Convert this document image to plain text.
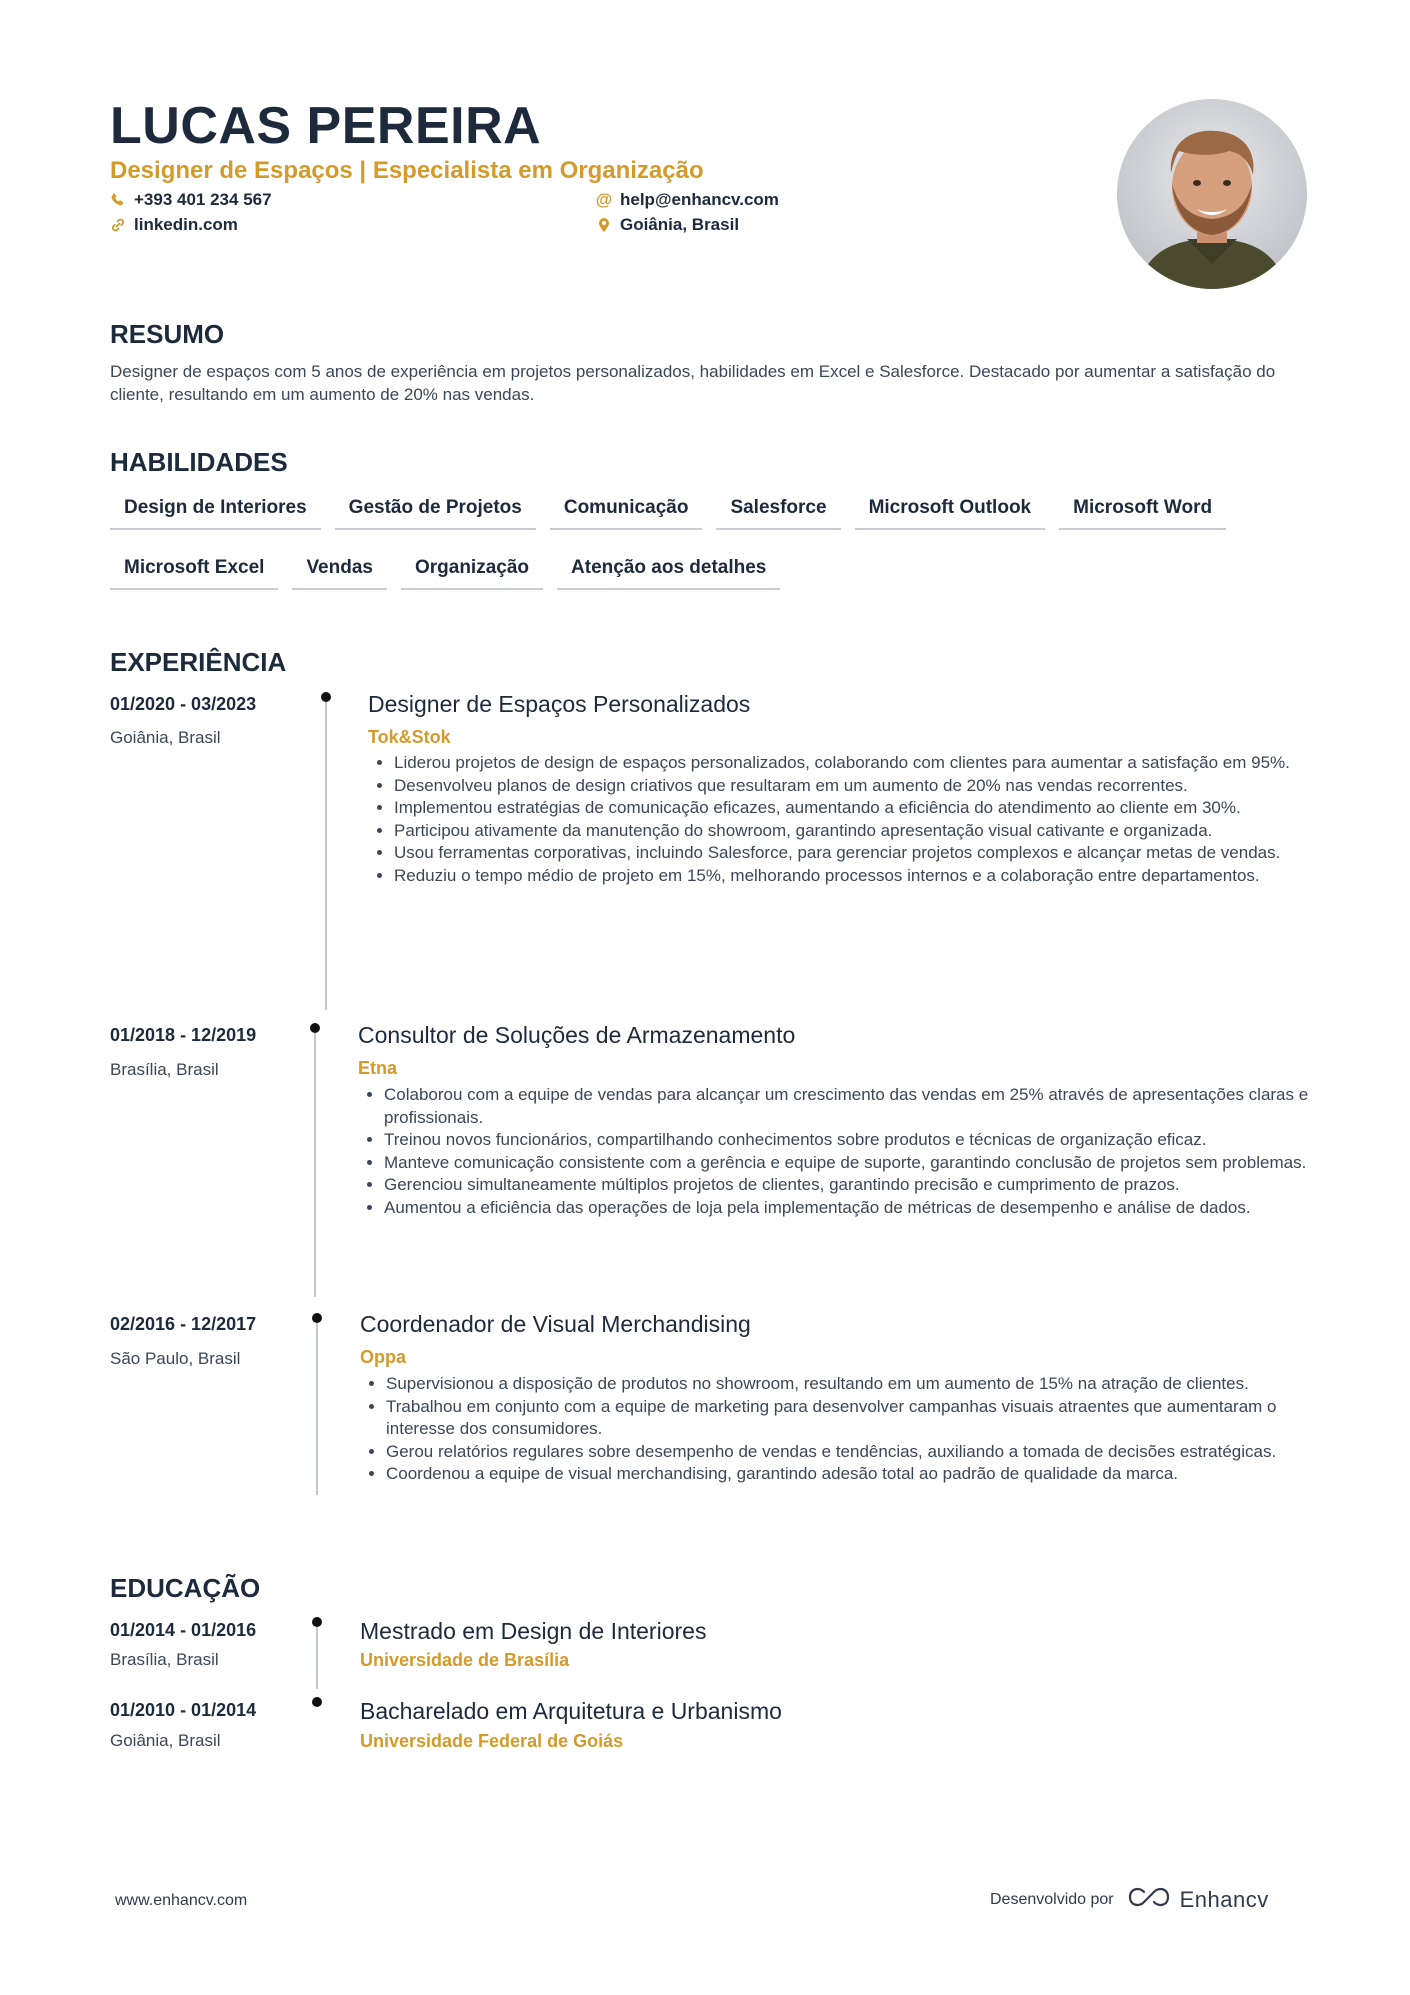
LUCAS PEREIRA
Designer de Espaços | Especialista em Organização
+393 401 234 567	@ help@enhancv.com
linkedin.com	Goiânia, Brasil
RESUMO
Designer de espaços com 5 anos de experiência em projetos personalizados, habilidades em Excel e Salesforce. Destacado por aumentar a satisfação do cliente, resultando em um aumento de 20% nas vendas.
HABILIDADES
Design de Interiores	Gestão de Projetos	Comunicação	Salesforce	Microsoft Outlook	Microsoft Word
Microsoft Excel	Vendas	Organização	Atenção aos detalhes
EXPERIÊNCIA
01/2020 - 03/2023
Goiânia, Brasil
Designer de Espaços Personalizados
Tok&Stok
• Liderou projetos de design de espaços personalizados, colaborando com clientes para aumentar a satisfação em 95%.
• Desenvolveu planos de design criativos que resultaram em um aumento de 20% nas vendas recorrentes.
• Implementou estratégias de comunicação eficazes, aumentando a eficiência do atendimento ao cliente em 30%.
• Participou ativamente da manutenção do showroom, garantindo apresentação visual cativante e organizada.
• Usou ferramentas corporativas, incluindo Salesforce, para gerenciar projetos complexos e alcançar metas de vendas.
• Reduziu o tempo médio de projeto em 15%, melhorando processos internos e a colaboração entre departamentos.
01/2018 - 12/2019
Brasília, Brasil
Consultor de Soluções de Armazenamento
Etna
• Colaborou com a equipe de vendas para alcançar um crescimento das vendas em 25% através de apresentações claras e profissionais.
• Treinou novos funcionários, compartilhando conhecimentos sobre produtos e técnicas de organização eficaz.
• Manteve comunicação consistente com a gerência e equipe de suporte, garantindo conclusão de projetos sem problemas.
• Gerenciou simultaneamente múltiplos projetos de clientes, garantindo precisão e cumprimento de prazos.
• Aumentou a eficiência das operações de loja pela implementação de métricas de desempenho e análise de dados.
02/2016 - 12/2017
São Paulo, Brasil
Coordenador de Visual Merchandising
Oppa
• Supervisionou a disposição de produtos no showroom, resultando em um aumento de 15% na atração de clientes.
• Trabalhou em conjunto com a equipe de marketing para desenvolver campanhas visuais atraentes que aumentaram o interesse dos consumidores.
• Gerou relatórios regulares sobre desempenho de vendas e tendências, auxiliando a tomada de decisões estratégicas.
• Coordenou a equipe de visual merchandising, garantindo adesão total ao padrão de qualidade da marca.
EDUCAÇÃO
01/2014 - 01/2016
Brasília, Brasil
Mestrado em Design de Interiores
Universidade de Brasília
01/2010 - 01/2014
Goiânia, Brasil
Bacharelado em Arquitetura e Urbanismo
Universidade Federal de Goiás
www.enhancv.com	Desenvolvido por	Enhancv
